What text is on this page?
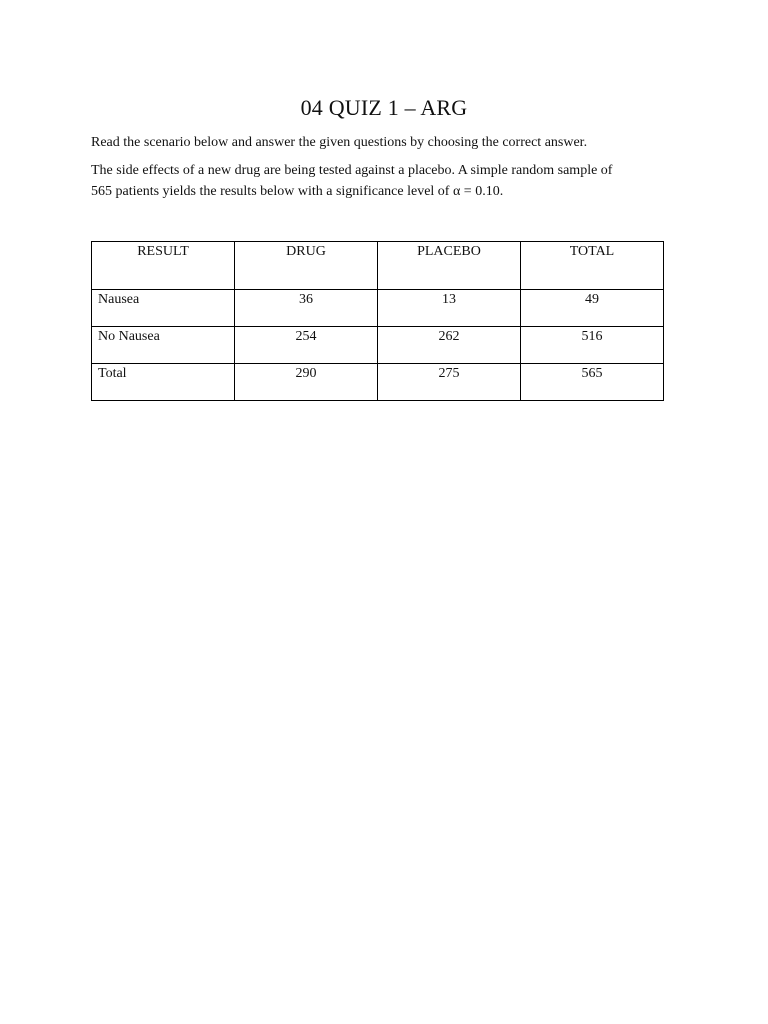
04 QUIZ 1 – ARG

Read the scenario below and answer the given questions by choosing the correct answer.

The side effects of a new drug are being tested against a placebo. A simple random sample of
565 patients yields the results below with a significance level of α = 0.10.

RESULT	DRUG	PLACEBO	TOTAL
Nausea	36	13	49
No Nausea	254	262	516
Total	290	275	565
